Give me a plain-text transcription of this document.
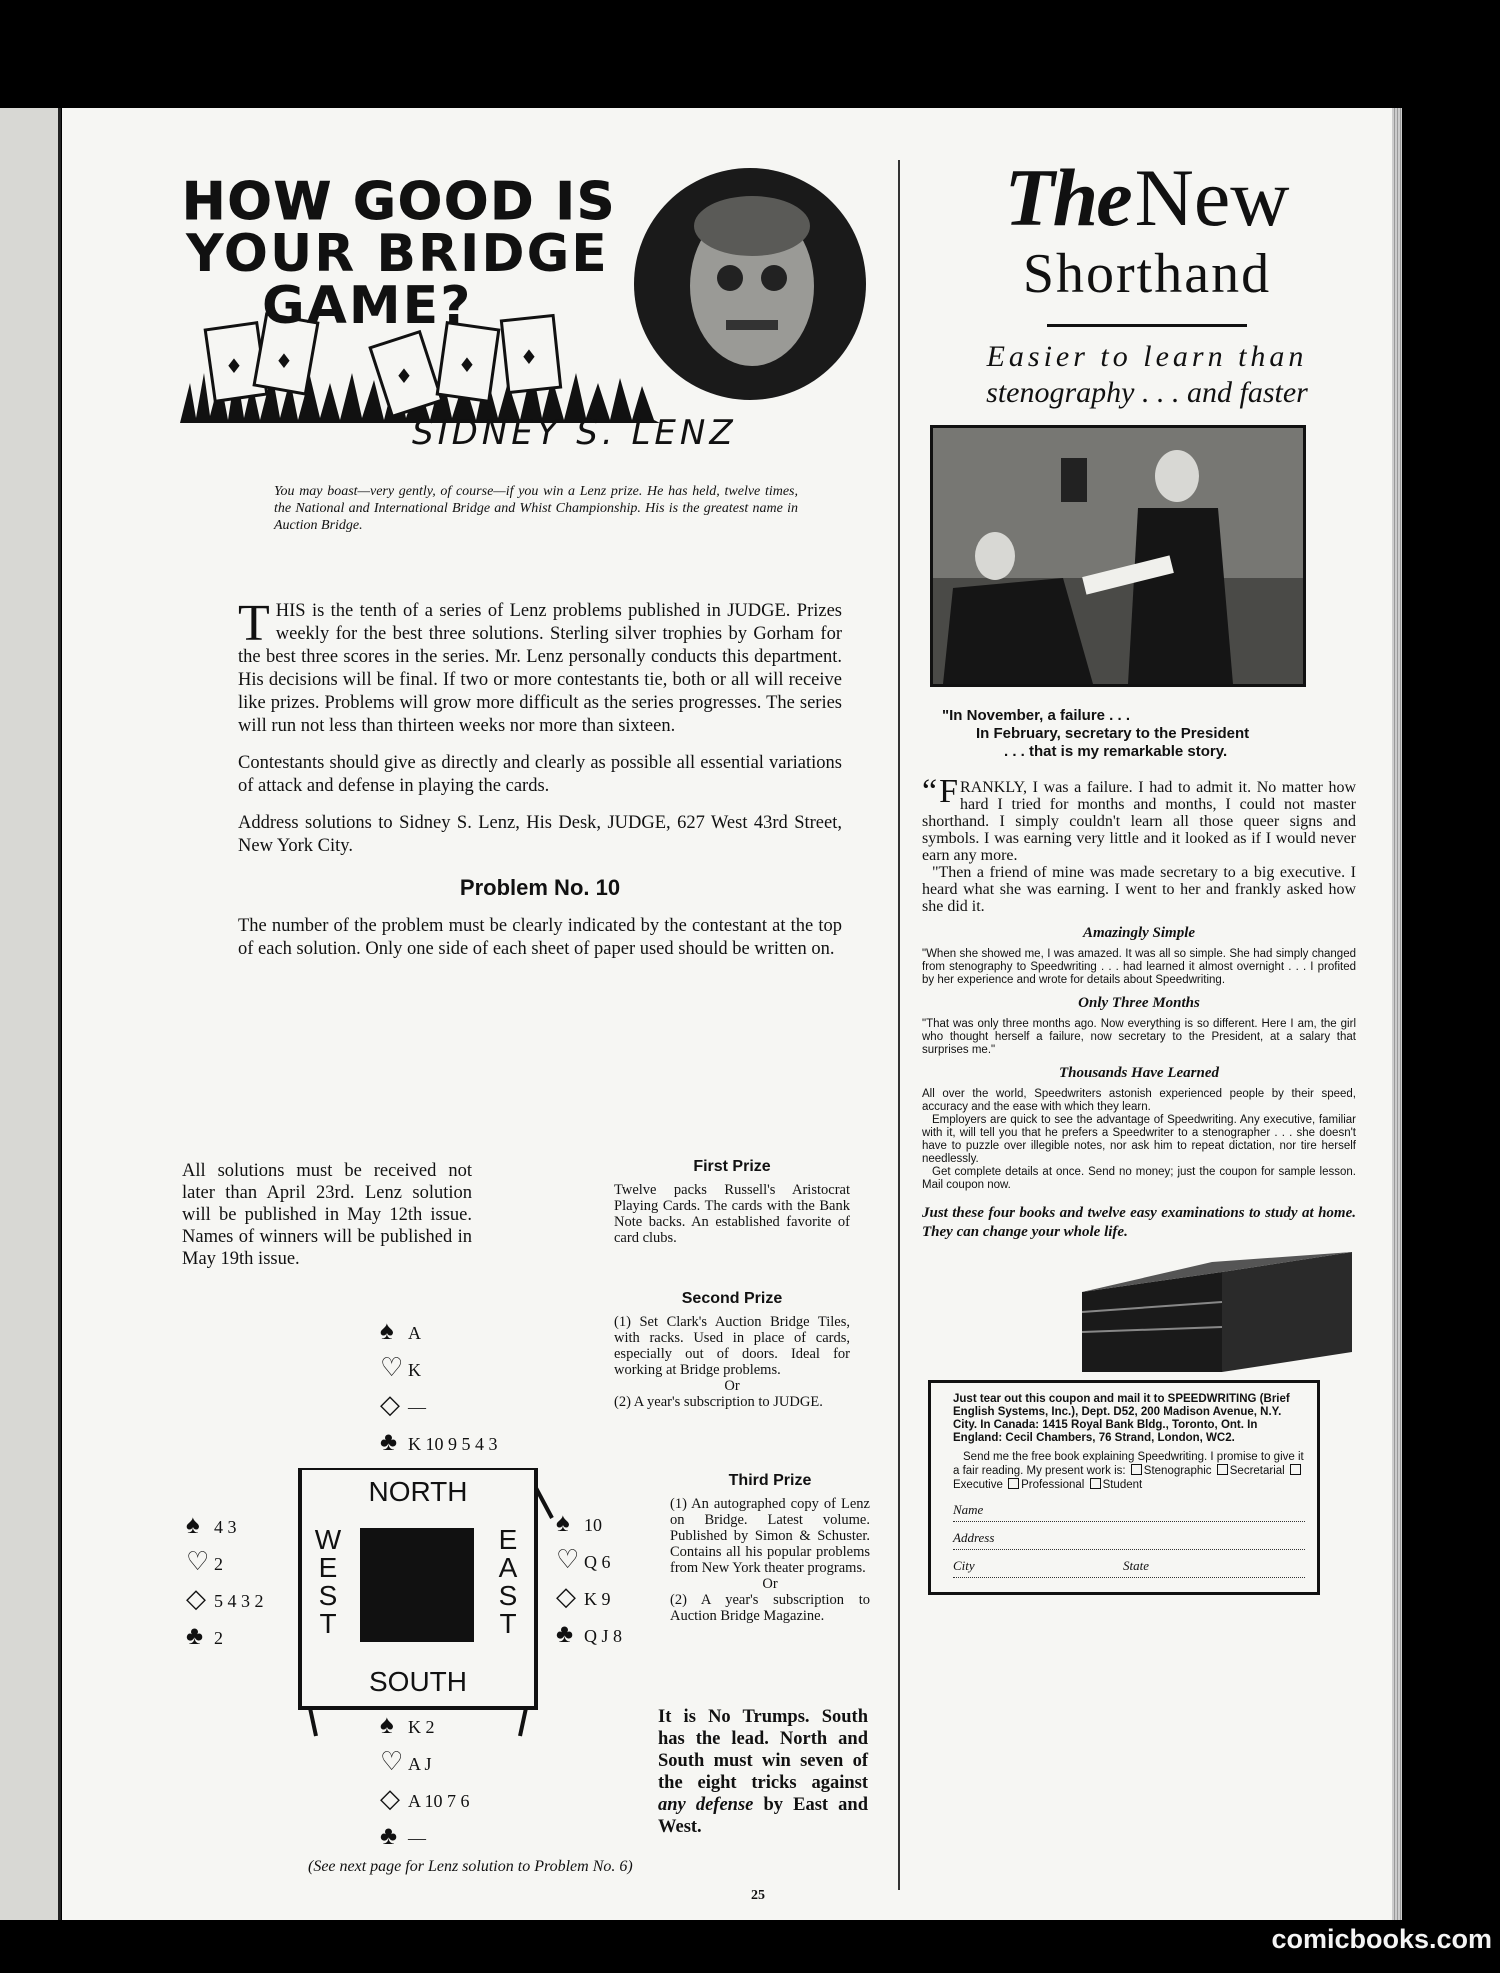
♦ ♦
♦ ♦ ♦
HOW GOOD IS
YOUR BRIDGE
GAME?
SIDNEY S. LENZ
You may boast—very gently, of course—if you win a Lenz prize. He has held, twelve times, the National and International Bridge and Whist Championship. His is the greatest name in Auction Bridge.

THIS is the tenth of a series of Lenz problems published in JUDGE. Prizes weekly for the best three solutions. Sterling silver trophies by Gorham for the best three scores in the series. Mr. Lenz personally conducts this department. His decisions will be final. If two or more contestants tie, both or all will receive like prizes. Problems will grow more difficult as the series progresses. The series will run not less than thirteen weeks nor more than sixteen.

Contestants should give as directly and clearly as possible all essential variations of attack and defense in playing the cards.

Address solutions to Sidney S. Lenz, His Desk, JUDGE, 627 West 43rd Street, New York City.

Problem No. 10

The number of the problem must be clearly indicated by the contestant at the top of each solution. Only one side of each sheet of paper used should be written on.

All solutions must be received not later than April 23rd. Lenz solution will be published in May 12th issue. Names of winners will be published in May 19th issue.
First Prize

Twelve packs Russell's Aristocrat Playing Cards. The cards with the Bank Note backs. An established favorite of card clubs.

Second Prize

(1) Set Clark's Auction Bridge Tiles, with racks. Used in place of cards, especially out of doors. Ideal for working at Bridge problems.

Or

(2) A year's subscription to JUDGE.

Third Prize

(1) An autographed copy of Lenz on Bridge. Latest volume. Published by Simon & Schuster. Contains all his popular problems from New York theater programs.

Or

(2) A year's subscription to Auction Bridge Magazine.

♠ A
♡ K
◇ —
♣ K 10 9 5 4 3
♠ 4 3
♡ 2
◇ 5 4 3 2
♣ 2
♠ 10
♡ Q 6
◇ K 9
♣ Q J 8
NORTH
SOUTH
W
E
S
T
E
A
S
T
♠ K 2
♡ A J
◇ A 10 7 6
♣ —
It is No Trumps. South has the lead. North and South must win seven of the eight tricks against any defense by East and West.
(See next page for Lenz solution to Problem No. 6)
25
The New
Shorthand
Easier to learn than
stenography . . . and faster
"In November, a failure . . .
In February, secretary to the President
. . . that is my remarkable story.

“ F RANKLY, I was a failure. I had to admit it. No matter how hard I tried for months and months, I could not master shorthand. I simply couldn't learn all those queer signs and symbols. I was earning very little and it looked as if I would never earn any more.

"Then a friend of mine was made secretary to a big executive. I heard what she was earning. I went to her and frankly asked how she did it.

Amazingly Simple

"When she showed me, I was amazed. It was all so simple. She had simply changed from stenography to Speedwriting . . . had learned it almost overnight . . . I profited by her experience and wrote for details about Speedwriting.

Only Three Months

"That was only three months ago. Now everything is so different. Here I am, the girl who thought herself a failure, now secretary to the President, at a salary that surprises me."

Thousands Have Learned

All over the world, Speedwriters astonish experienced people by their speed, accuracy and the ease with which they learn.

Employers are quick to see the advantage of Speedwriting. Any executive, familiar with it, will tell you that he prefers a Speedwriter to a stenographer . . . she doesn't have to puzzle over illegible notes, nor ask him to repeat dictation, nor tire herself needlessly.

Get complete details at once. Send no money; just the coupon for sample lesson. Mail coupon now.

Just these four books and twelve easy examinations to study at home. They can change your whole life.

Just tear out this coupon and mail it to SPEEDWRITING (Brief English Systems, Inc.), Dept. D52, 200 Madison Avenue, N.Y. City. In Canada: 1415 Royal Bank Bldg., Toronto, Ont. In England: Cecil Chambers, 76 Strand, London, WC2.

Send me the free book explaining Speedwriting. I promise to give it a fair reading. My present work is: Stenographic Secretarial Executive Professional Student

Name
Address
City	State
comicbooks.com
